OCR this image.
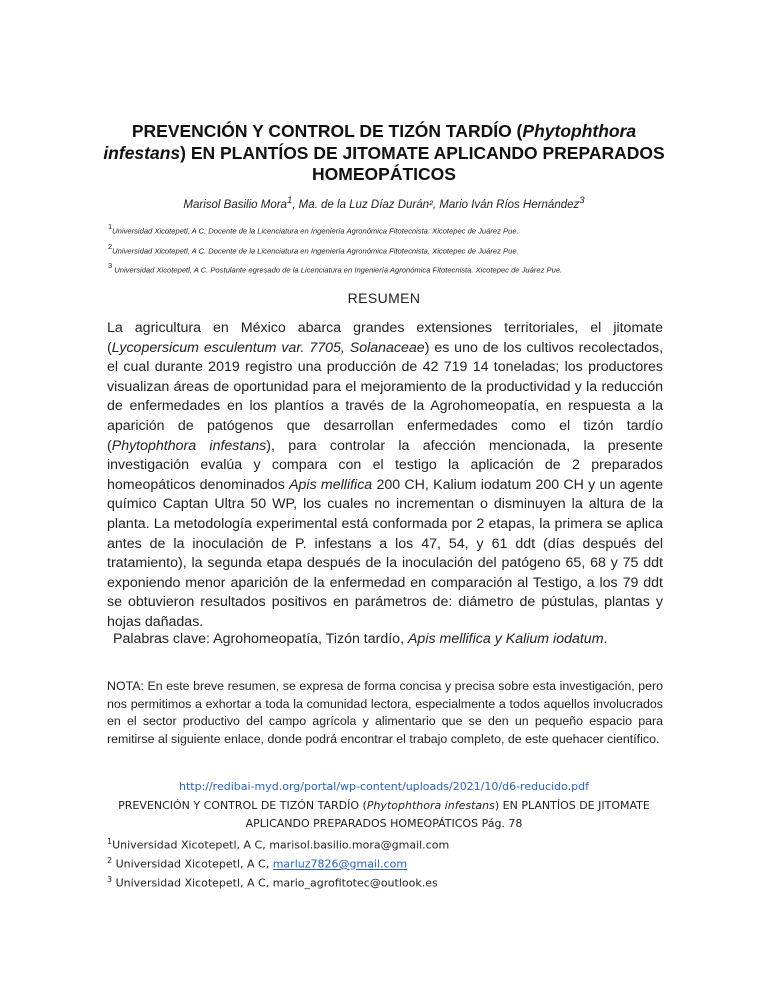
PREVENCIÓN Y CONTROL DE TIZÓN TARDÍO (Phytophthora infestans) EN PLANTÍOS DE JITOMATE APLICANDO PREPARADOS HOMEOPÁTICOS
Marisol Basilio Mora$^1$, Ma. de la Luz Díaz Durán², Mario Iván Ríos Hernández$^3$
$^1$Universidad Xicotepetl, A C. Docente de la Licenciatura en Ingeniería Agronómica Fitotecnista. Xicotepec de Juárez Pue.
$^2$Universidad Xicotepetl, A C. Docente de la Licenciatura en Ingeniería Agronómica Fitotecnista. Xicotepec de Juárez Pue.
$^3$ Universidad Xicotepetl, A C. Postulante egresado de la Licenciatura en Ingeniería Agronómica Fitotecnista. Xicotepec de Juárez Pue.
RESUMEN
La agricultura en México abarca grandes extensiones territoriales, el jitomate (Lycopersicum esculentum var. 7705, Solanaceae) es uno de los cultivos recolectados, el cual durante 2019 registro una producción de 42 719 14 toneladas; los productores visualizan áreas de oportunidad para el mejoramiento de la productividad y la reducción de enfermedades en los plantíos a través de la Agrohomeopatía, en respuesta a la aparición de patógenos que desarrollan enfermedades como el tizón tardío (Phytophthora infestans), para controlar la afección mencionada, la presente investigación evalúa y compara con el testigo la aplicación de 2 preparados homeopáticos denominados Apis mellifica 200 CH, Kalium iodatum 200 CH y un agente químico Captan Ultra 50 WP, los cuales no incrementan o disminuyen la altura de la planta. La metodología experimental está conformada por 2 etapas, la primera se aplica antes de la inoculación de P. infestans a los 47, 54, y 61 ddt (días después del tratamiento), la segunda etapa después de la inoculación del patógeno 65, 68 y 75 ddt exponiendo menor aparición de la enfermedad en comparación al Testigo, a los 79 ddt se obtuvieron resultados positivos en parámetros de: diámetro de pústulas, plantas y hojas dañadas.
Palabras clave: Agrohomeopatía, Tizón tardío, Apis mellifica y Kalium iodatum.
NOTA: En este breve resumen, se expresa de forma concisa y precisa sobre esta investigación, pero nos permitimos a exhortar a toda la comunidad lectora, especialmente a todos aquellos involucrados en el sector productivo del campo agrícola y alimentario que se den un pequeño espacio para remitirse al siguiente enlace, donde podrá encontrar el trabajo completo, de este quehacer científico.
http://redibai-myd.org/portal/wp-content/uploads/2021/10/d6-reducido.pdf
PREVENCIÓN Y CONTROL DE TIZÓN TARDÍO (Phytophthora infestans) EN PLANTÍOS DE JITOMATE APLICANDO PREPARADOS HOMEOPÁTICOS Pág. 78
$^1$Universidad Xicotepetl, A C, marisol.basilio.mora@gmail.com
$^2$ Universidad Xicotepetl, A C, marluz7826@gmail.com
$^3$ Universidad Xicotepetl, A C, mario_agrofitotec@outlook.es
